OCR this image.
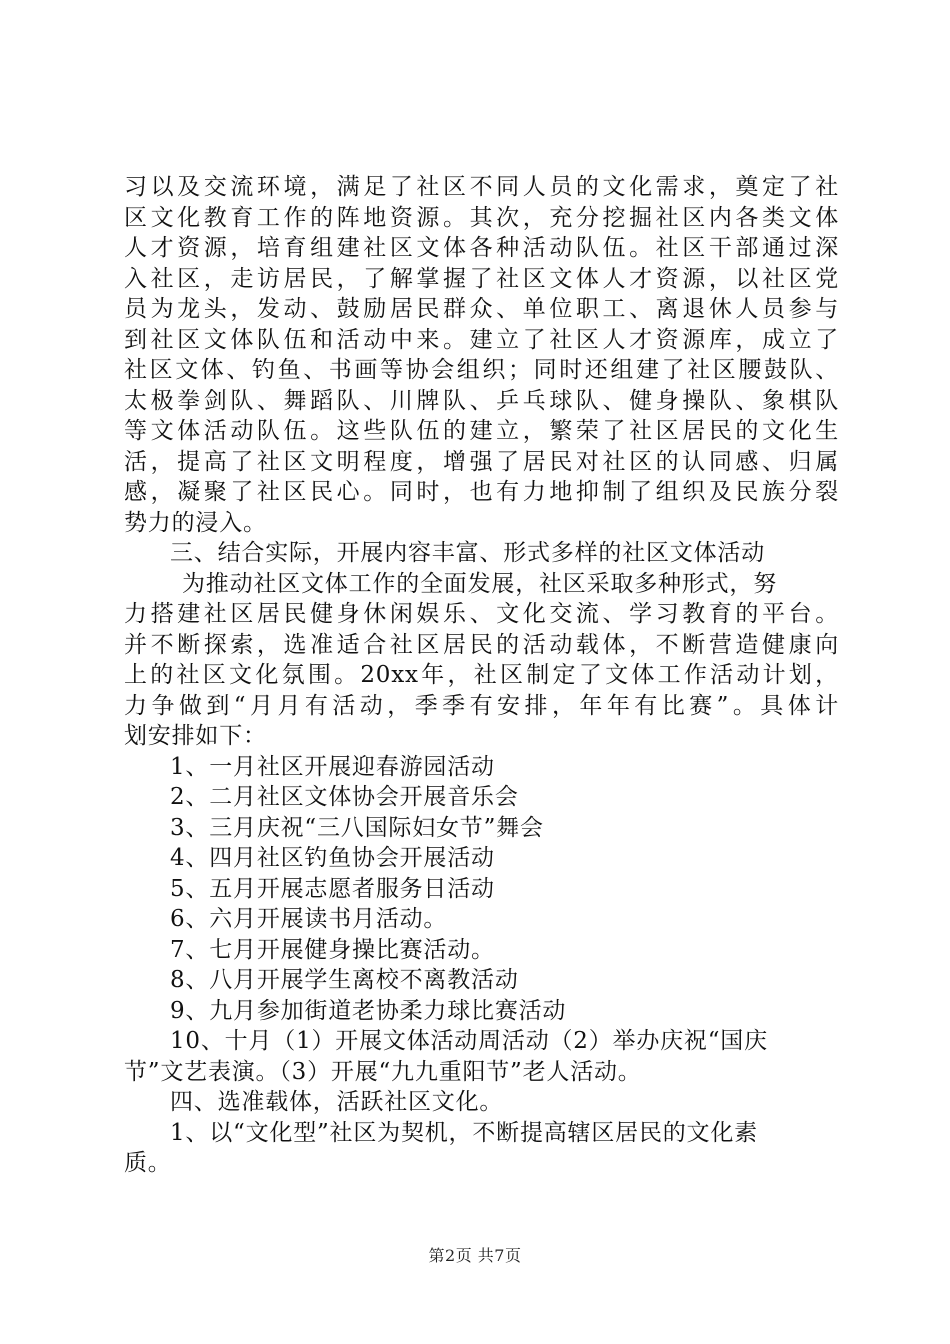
习以及交流环境，满足了社区不同人员的文化需求，奠定了社
区文化教育工作的阵地资源。其次，充分挖掘社区内各类文体
人才资源，培育组建社区文体各种活动队伍。社区干部通过深
入社区，走访居民，了解掌握了社区文体人才资源，以社区党
员为龙头，发动、鼓励居民群众、单位职工、离退休人员参与
到社区文体队伍和活动中来。建立了社区人才资源库，成立了
社区文体、钓鱼、书画等协会组织；同时还组建了社区腰鼓队、
太极拳剑队、舞蹈队、川牌队、乒乓球队、健身操队、象棋队
等文体活动队伍。这些队伍的建立，繁荣了社区居民的文化生
活，提高了社区文明程度，增强了居民对社区的认同感、归属
感，凝聚了社区民心。同时，也有力地抑制了组织及民族分裂
势力的浸入。
三、结合实际，开展内容丰富、形式多样的社区文体活动
为推动社区文体工作的全面发展，社区采取多种形式，努
力搭建社区居民健身休闲娱乐、文化交流、学习教育的平台。
并不断探索，选准适合社区居民的活动载体，不断营造健康向
上的社区文化氛围。20xx年，社区制定了文体工作活动计划，
力争做到“月月有活动，季季有安排，年年有比赛”。具体计
划安排如下：
1、一月社区开展迎春游园活动
2、二月社区文体协会开展音乐会
3、三月庆祝“三八国际妇女节”舞会
4、四月社区钓鱼协会开展活动
5、五月开展志愿者服务日活动
6、六月开展读书月活动。
7、七月开展健身操比赛活动。
8、八月开展学生离校不离教活动
9、九月参加街道老协柔力球比赛活动
10、十月（1）开展文体活动周活动（2）举办庆祝“国庆
节”文艺表演。（3）开展“九九重阳节”老人活动。
四、选准载体，活跃社区文化。
1、以“文化型”社区为契机，不断提高辖区居民的文化素
质。
第2页 共7页
